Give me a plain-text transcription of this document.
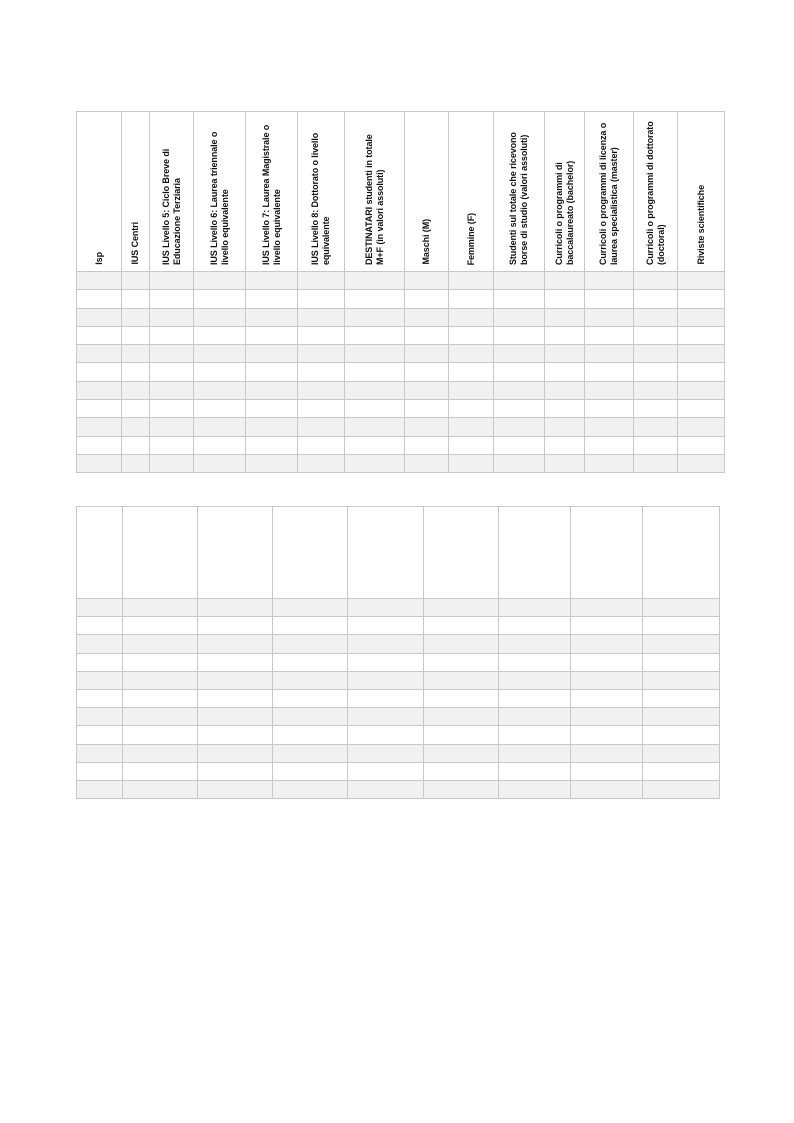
Isp	IUS Centri	IUS Livello 5: Ciclo Breve di Educazione Terziaria	IUS Livello 6: Laurea triennale o livello equivalente	IUS Livello 7: Laurea Magistrale o livello equivalente	IUS Livello 8: Dottorato o livello equivalente	DESTINATARI studenti in totale M+F (in valori assoluti)	Maschi (M)	Femmine (F)	Studenti sul totale che ricevono borse di studio (valori assoluti)	Curricoli o programmi di baccalaureato (bachelor)	Curricoli o programmi di licenza o laurea specialistica (master)	Curricoli o programmi di dottorato (doctoral)	Riviste scientifiche
